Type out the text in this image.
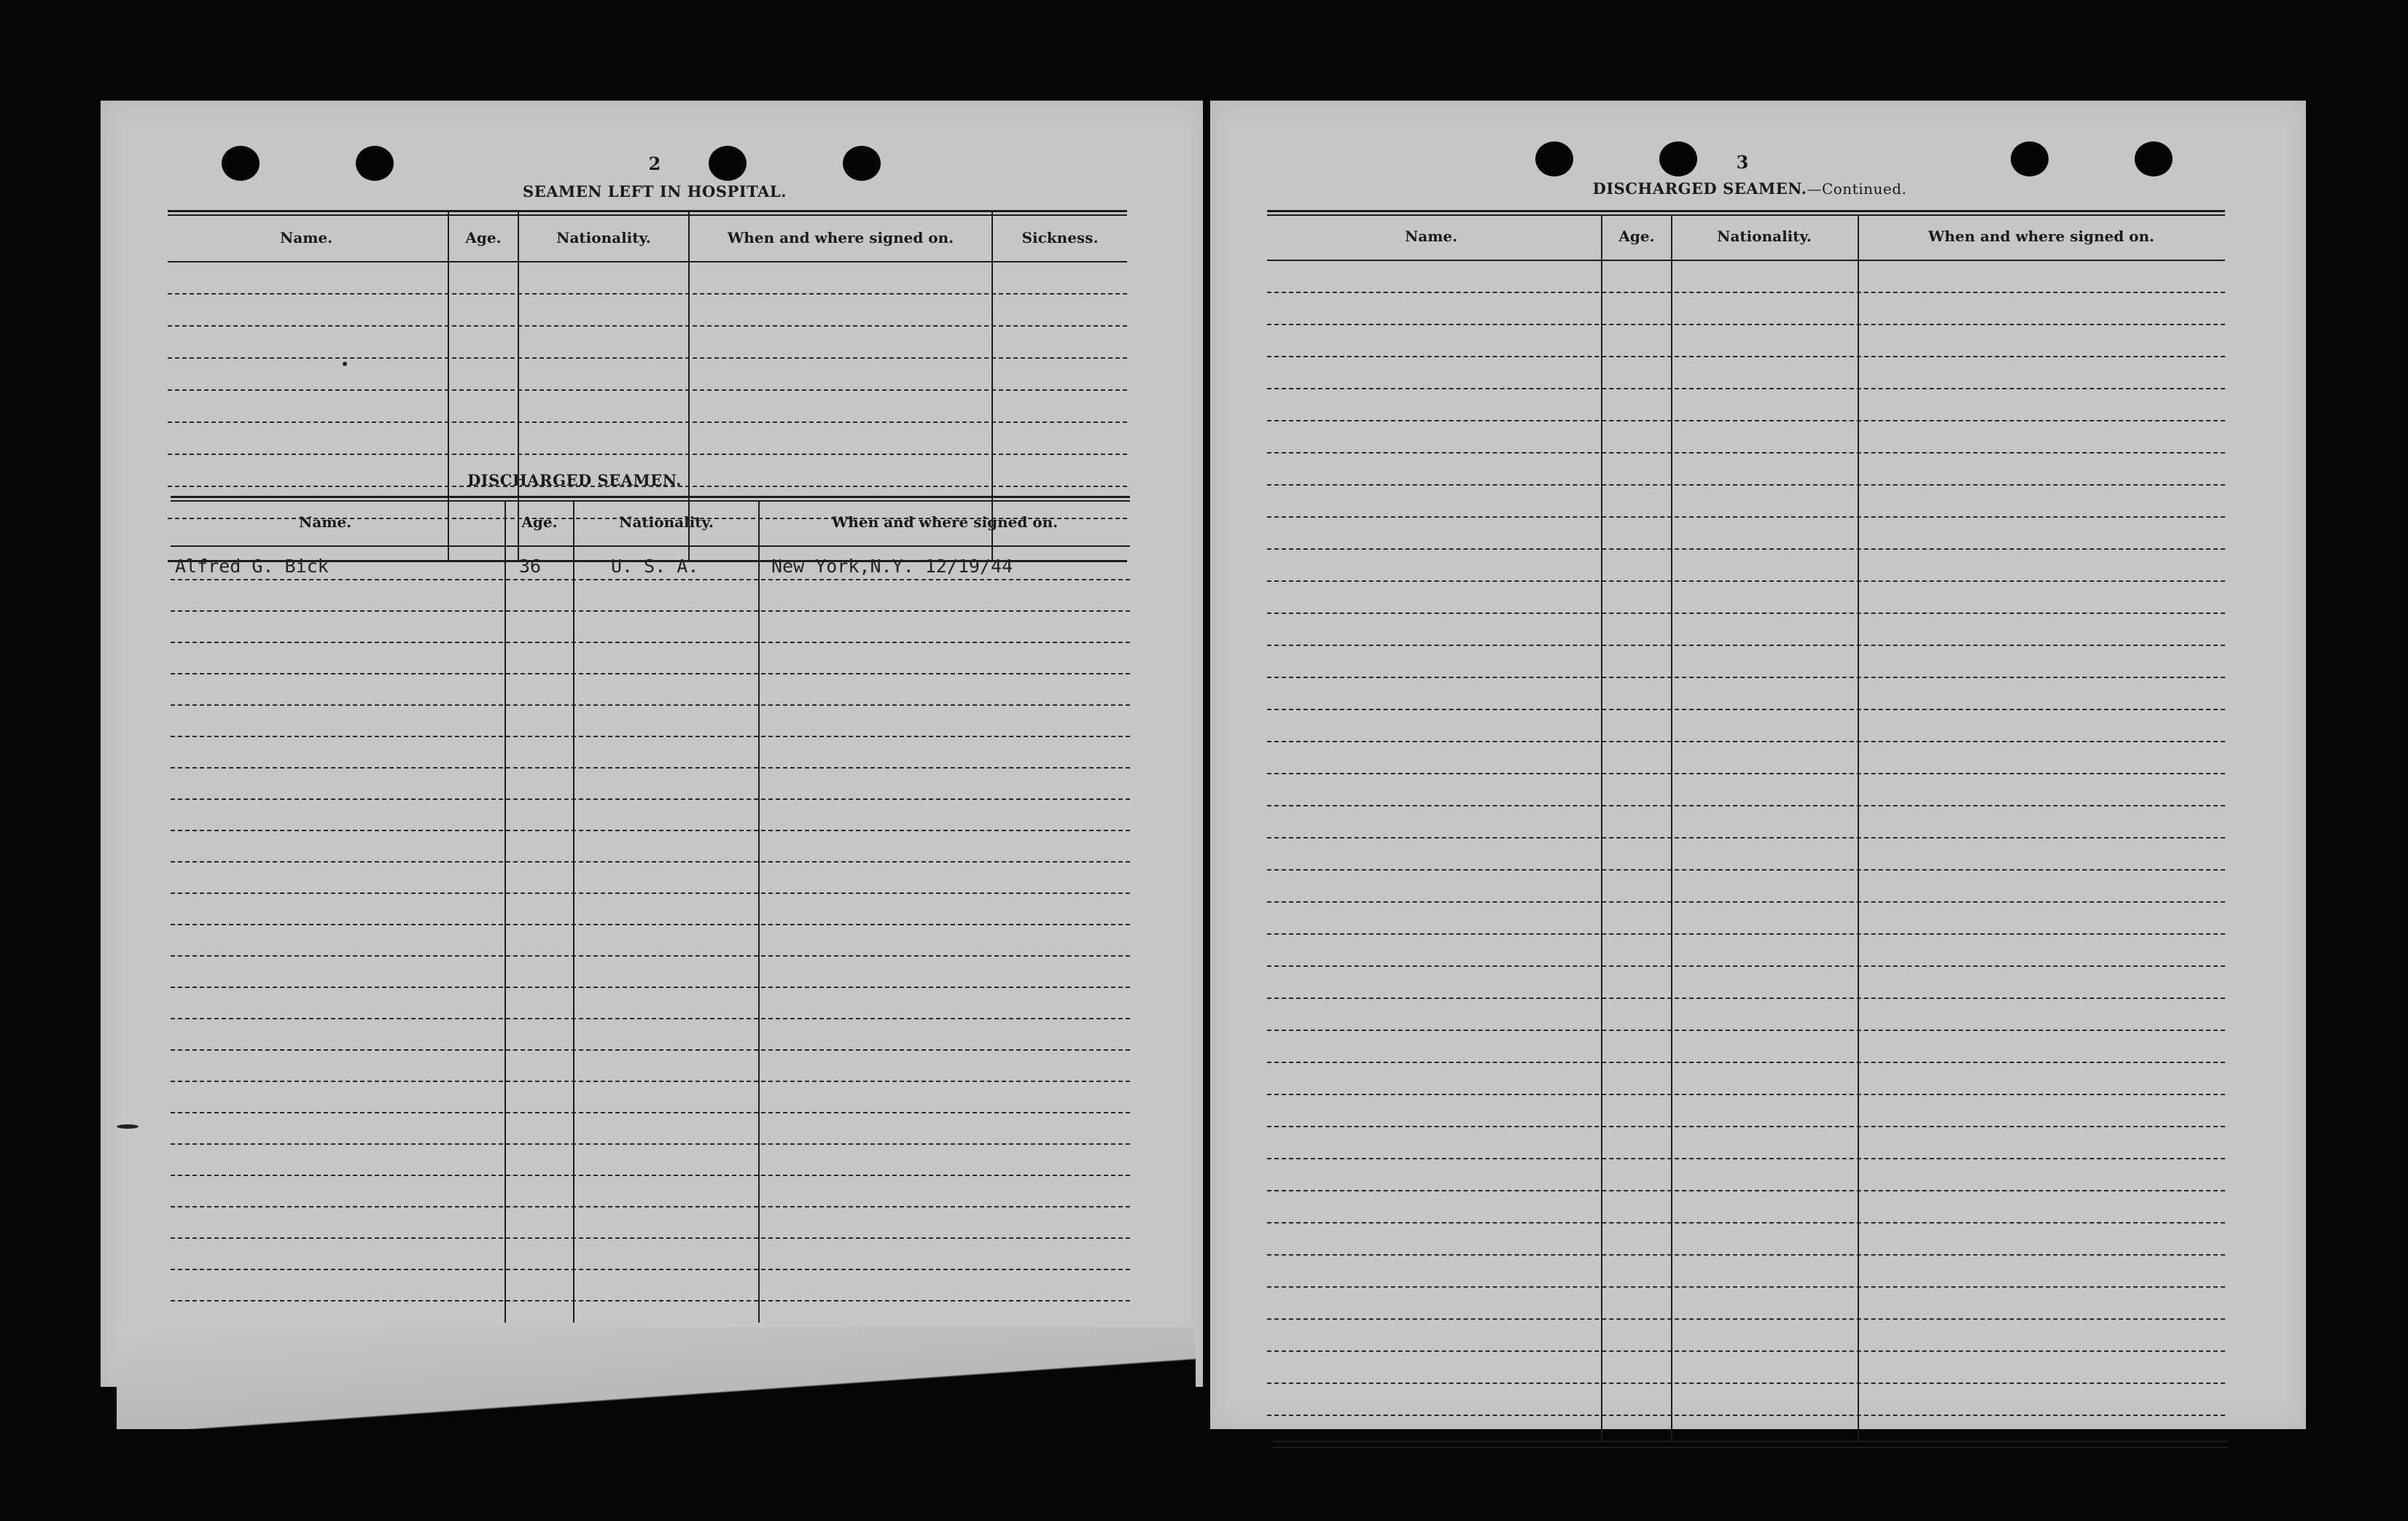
2
SEAMEN LEFT IN HOSPITAL.
Name.	Age.	Nationality.	When and where signed on.	Sickness.
DISCHARGED SEAMEN.
Name.	Age.	Nationality.	When and where signed on.
Alfred G. Bick	36	U. S. A.	New York,N.Y. 12/19/44
3
DISCHARGED SEAMEN.—Continued.
Name.	Age.	Nationality.	When and where signed on.
